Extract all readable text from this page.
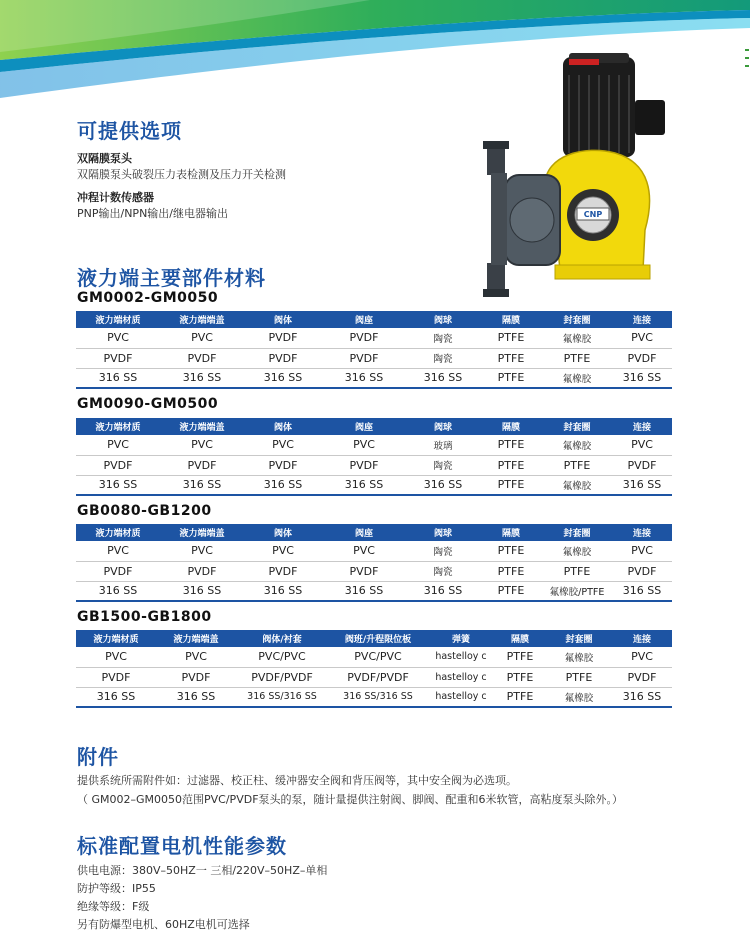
可提供选项
双隔膜泵头
双隔膜泵头破裂压力表检测及压力开关检测
冲程计数传感器
PNP输出/NPN输出/继电器输出	CNP
液力端主要部件材料
GM0002-GM0050
液力端材质	液力端端盖	阀体	阀座	阀球	隔膜	封套圈	连接
PVC	PVC	PVDF	PVDF	陶瓷	PTFE	氟橡胶	PVC
PVDF	PVDF	PVDF	PVDF	陶瓷	PTFE	PTFE	PVDF
316 SS	316 SS	316 SS	316 SS	316 SS	PTFE	氟橡胶	316 SS
GM0090-GM0500
液力端材质	液力端端盖	阀体	阀座	阀球	隔膜	封套圈	连接
PVC	PVC	PVC	PVC	玻璃	PTFE	氟橡胶	PVC
PVDF	PVDF	PVDF	PVDF	陶瓷	PTFE	PTFE	PVDF
316 SS	316 SS	316 SS	316 SS	316 SS	PTFE	氟橡胶	316 SS
GB0080-GB1200
液力端材质	液力端端盖	阀体	阀座	阀球	隔膜	封套圈	连接
PVC	PVC	PVC	PVC	陶瓷	PTFE	氟橡胶	PVC
PVDF	PVDF	PVDF	PVDF	陶瓷	PTFE	PTFE	PVDF
316 SS	316 SS	316 SS	316 SS	316 SS	PTFE	氟橡胶/PTFE	316 SS
GB1500-GB1800
液力端材质	液力端端盖	阀体/衬套	阀班/升程限位板	弹簧	隔膜	封套圈	连接
PVC	PVC	PVC/PVC	PVC/PVC	hastelloy c	PTFE	氟橡胶	PVC
PVDF	PVDF	PVDF/PVDF	PVDF/PVDF	hastelloy c	PTFE	PTFE	PVDF
316 SS	316 SS	316 SS/316 SS	316 SS/316 SS	hastelloy c	PTFE	氟橡胶	316 SS
附件
提供系统所需附件如：过滤器、校正柱、缓冲器安全阀和背压阀等，其中安全阀为必选项。
（ GM002–GM0050范围PVC/PVDF泵头的泵，随计量提供注射阀、脚阀、配重和6米软管，高粘度泵头除外。）
标准配置电机性能参数
供电电源：380V–50HZ一 三相/220V–50HZ–单相
防护等级：IP55
绝缘等级：F级
另有防爆型电机、60HZ电机可选择
